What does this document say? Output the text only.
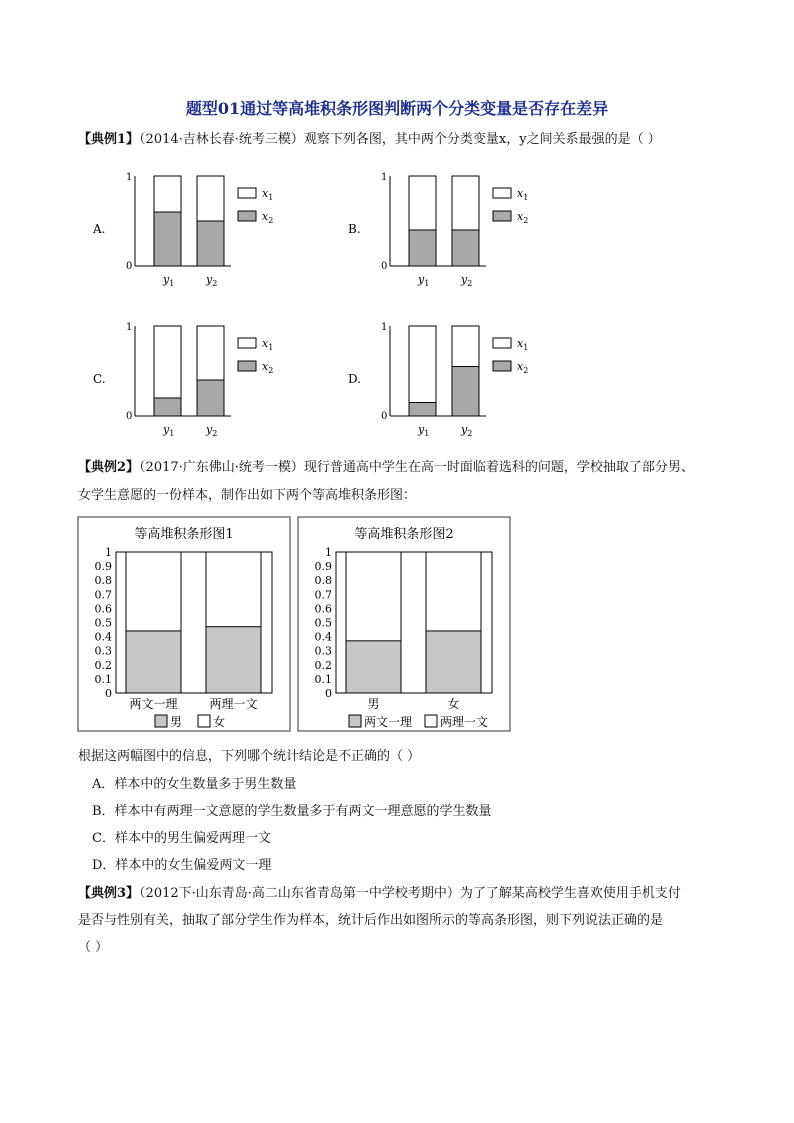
题型01通过等高堆积条形图判断两个分类变量是否存在差异
【典例1】（2014·吉林长春·统考三模）观察下列各图，其中两个分类变量x，y之间关系最强的是（ ）
A.
1
0
$y_1$	$y_2$
$x_1$
$x_2$
B.
1
0
$y_1$	$y_2$
$x_1$
$x_2$
C.
1
0
$y_1$	$y_2$
$x_1$
$x_2$
D.
1
0
$y_1$	$y_2$
$x_1$
$x_2$
【典例2】（2017·广东佛山·统考一模）现行普通高中学生在高一时面临着选科的问题，学校抽取了部分男、
女学生意愿的一份样本，制作出如下两个等高堆积条形图：
等高堆积条形图1
0
0.1
0.2
0.3
0.4
0.5
0.6
0.7
0.8
0.9
1
两文一理	两理一文
男	女
等高堆积条形图2
0
0.1
0.2
0.3
0.4
0.5
0.6
0.7
0.8
0.9
1
男	女
两文一理 两理一文
根据这两幅图中的信息，下列哪个统计结论是不正确的（ ）
A．样本中的女生数量多于男生数量
B．样本中有两理一文意愿的学生数量多于有两文一理意愿的学生数量
C．样本中的男生偏爱两理一文
D．样本中的女生偏爱两文一理
【典例3】（2012下·山东青岛·高二山东省青岛第一中学校考期中）为了了解某高校学生喜欢使用手机支付
是否与性别有关，抽取了部分学生作为样本，统计后作出如图所示的等高条形图，则下列说法正确的是
（ ）
